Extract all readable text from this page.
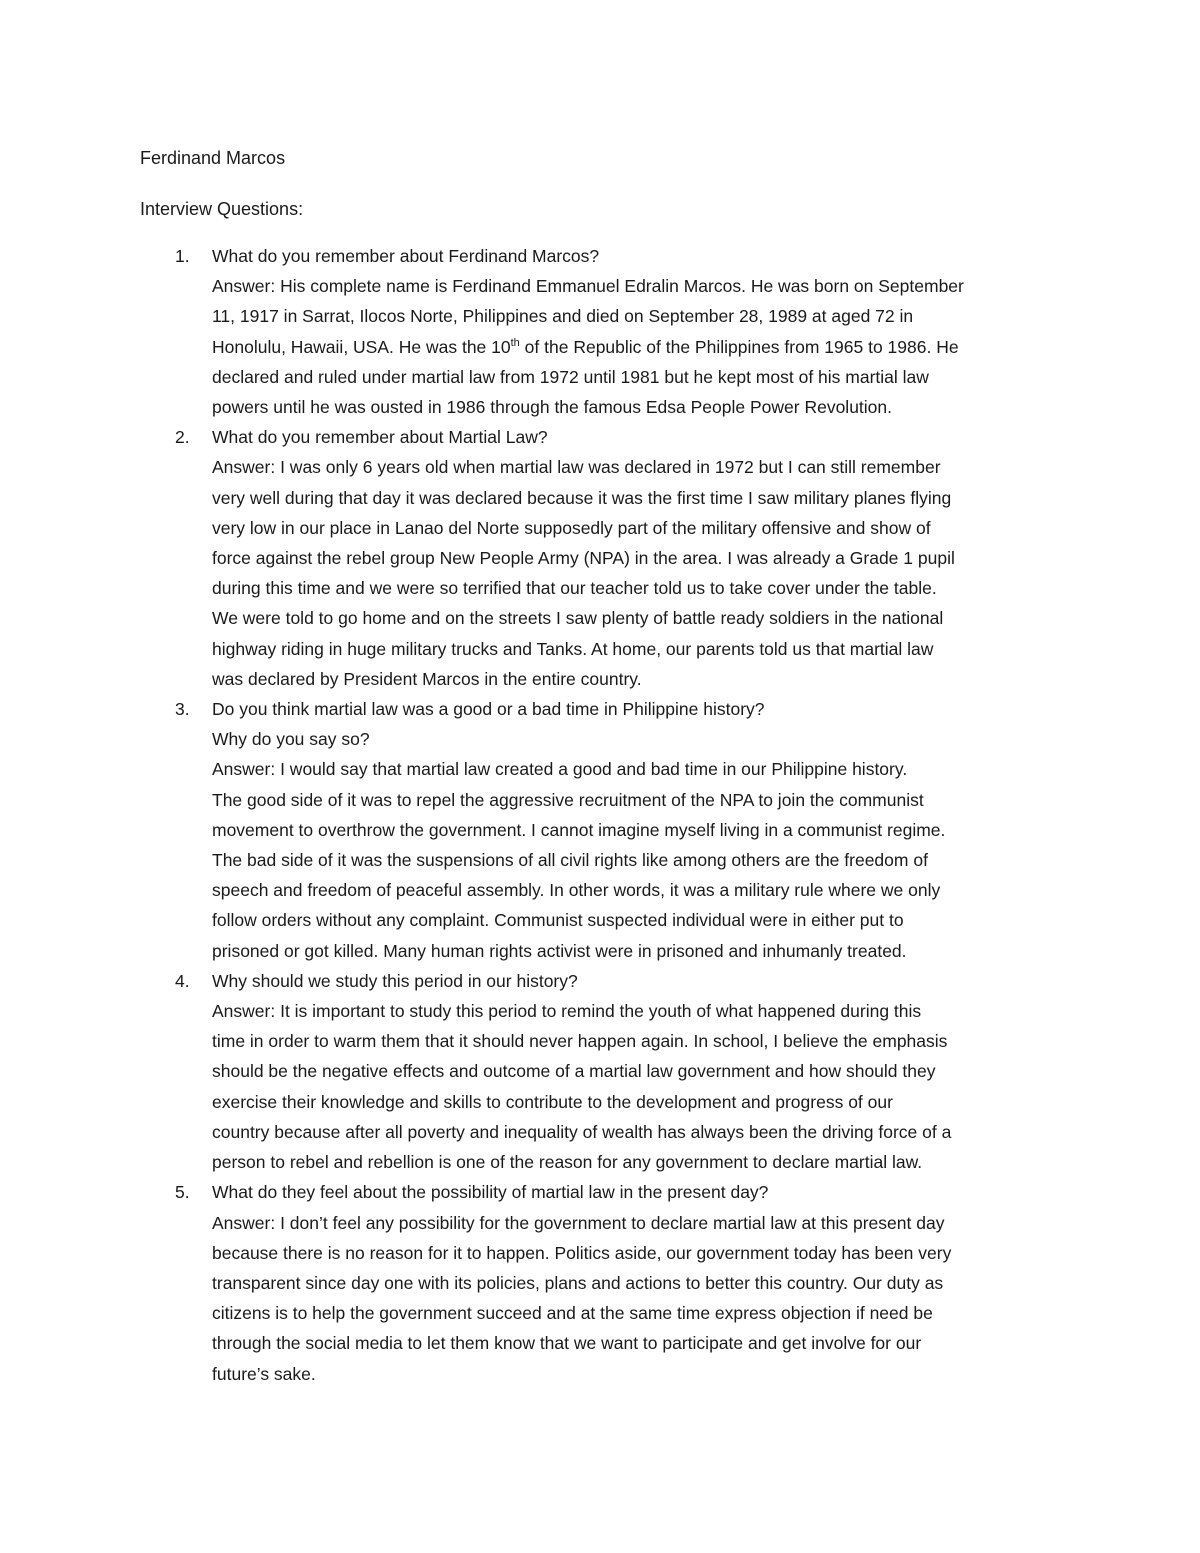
Ferdinand Marcos
Interview Questions:
1. What do you remember about Ferdinand Marcos?
Answer: His complete name is Ferdinand Emmanuel Edralin Marcos. He was born on September
11, 1917 in Sarrat, Ilocos Norte, Philippines and died on September 28, 1989 at aged 72 in
Honolulu, Hawaii, USA. He was the 10th of the Republic of the Philippines from 1965 to 1986. He
declared and ruled under martial law from 1972 until 1981 but he kept most of his martial law
powers until he was ousted in 1986 through the famous Edsa People Power Revolution.
2. What do you remember about Martial Law?
Answer: I was only 6 years old when martial law was declared in 1972 but I can still remember
very well during that day it was declared because it was the first time I saw military planes flying
very low in our place in Lanao del Norte supposedly part of the military offensive and show of
force against the rebel group New People Army (NPA) in the area. I was already a Grade 1 pupil
during this time and we were so terrified that our teacher told us to take cover under the table.
We were told to go home and on the streets I saw plenty of battle ready soldiers in the national
highway riding in huge military trucks and Tanks. At home, our parents told us that martial law
was declared by President Marcos in the entire country.
3. Do you think martial law was a good or a bad time in Philippine history?
Why do you say so?
Answer: I would say that martial law created a good and bad time in our Philippine history.
The good side of it was to repel the aggressive recruitment of the NPA to join the communist
movement to overthrow the government. I cannot imagine myself living in a communist regime.
The bad side of it was the suspensions of all civil rights like among others are the freedom of
speech and freedom of peaceful assembly. In other words, it was a military rule where we only
follow orders without any complaint. Communist suspected individual were in either put to
prisoned or got killed. Many human rights activist were in prisoned and inhumanly treated.
4. Why should we study this period in our history?
Answer: It is important to study this period to remind the youth of what happened during this
time in order to warm them that it should never happen again. In school, I believe the emphasis
should be the negative effects and outcome of a martial law government and how should they
exercise their knowledge and skills to contribute to the development and progress of our
country because after all poverty and inequality of wealth has always been the driving force of a
person to rebel and rebellion is one of the reason for any government to declare martial law.
5. What do they feel about the possibility of martial law in the present day?
Answer: I don’t feel any possibility for the government to declare martial law at this present day
because there is no reason for it to happen. Politics aside, our government today has been very
transparent since day one with its policies, plans and actions to better this country. Our duty as
citizens is to help the government succeed and at the same time express objection if need be
through the social media to let them know that we want to participate and get involve for our
future’s sake.
